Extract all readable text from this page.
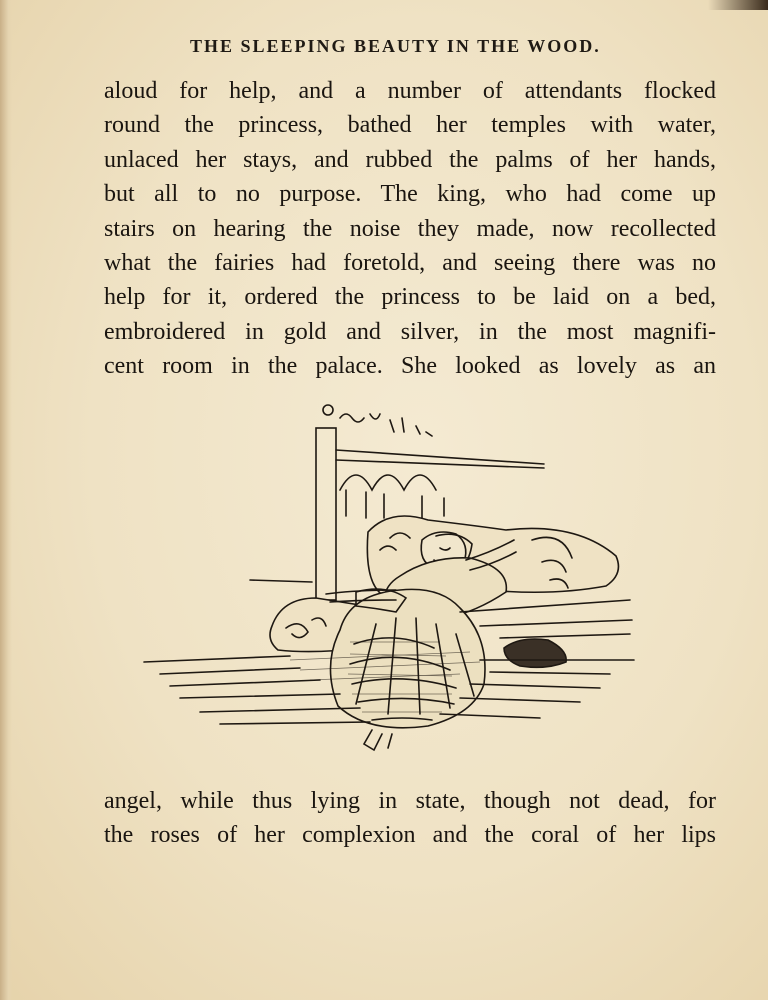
THE SLEEPING BEAUTY IN THE WOOD.
aloud for help, and a number of attendants flocked
round the princess, bathed her temples with water,
unlaced her stays, and rubbed the palms of her hands,
but all to no purpose. The king, who had come up
stairs on hearing the noise they made, now recollected
what the fairies had foretold, and seeing there was no
help for it, ordered the princess to be laid on a bed,
embroidered in gold and silver, in the most magnifi-
cent room in the palace. She looked as lovely as an
angel, while thus lying in state, though not dead, for
the roses of her complexion and the coral of her lips
